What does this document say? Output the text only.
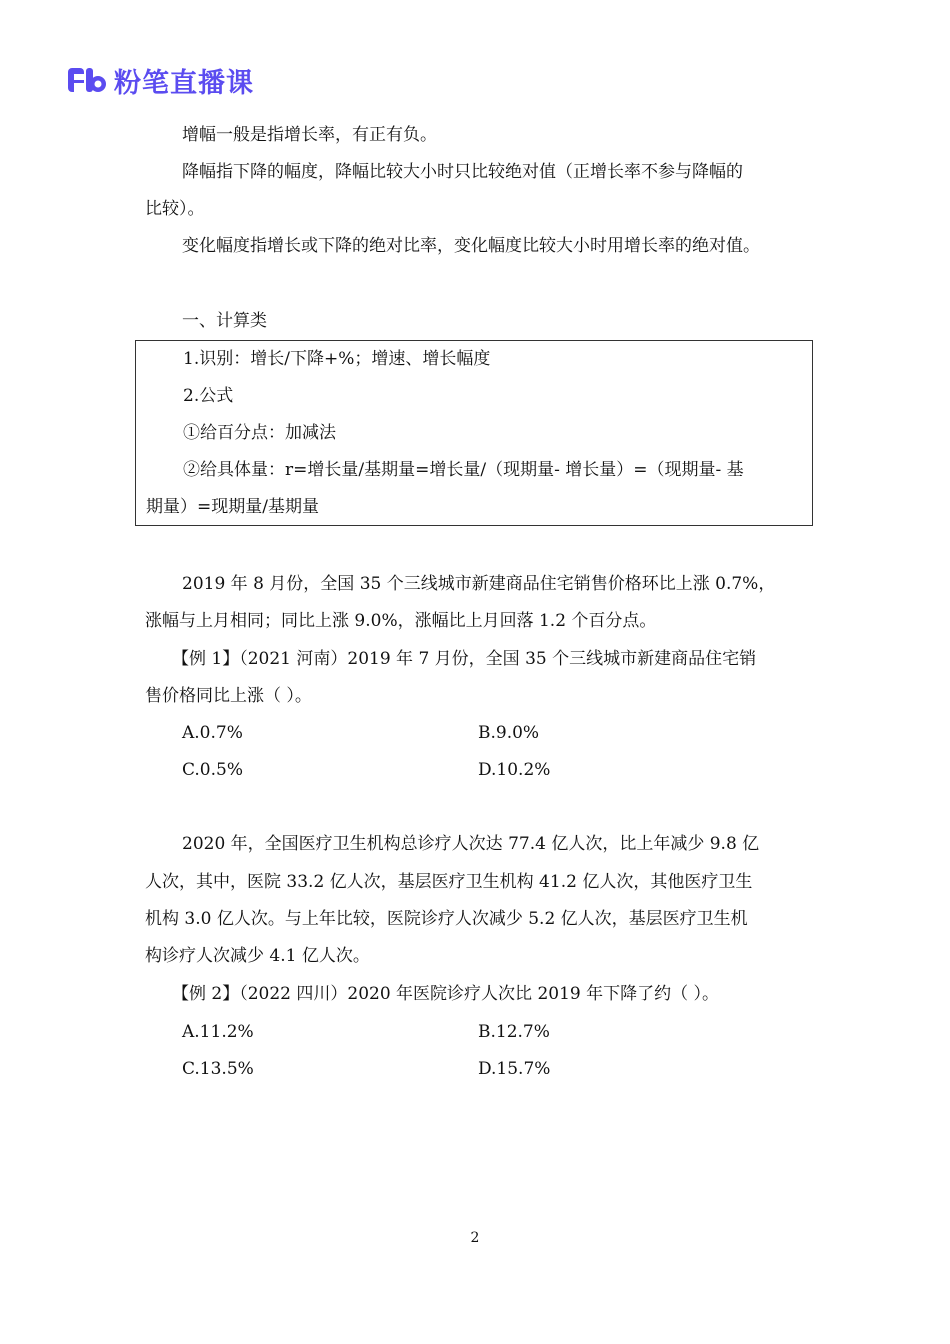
粉笔直播课
增幅一般是指增长率，有正有负。
降幅指下降的幅度，降幅比较大小时只比较绝对值（正增长率不参与降幅的
比较）。
变化幅度指增长或下降的绝对比率，变化幅度比较大小时用增长率的绝对值。
一、计算类
1.识别：增长/下降+%；增速、增长幅度
2.公式
①给百分点：加减法
②给具体量：r=增长量/基期量=增长量/（现期量- 增长量）=（现期量- 基
期量）=现期量/基期量
2019 年 8 月份，全国 35 个三线城市新建商品住宅销售价格环比上涨 0.7%，
涨幅与上月相同；同比上涨 9.0%，涨幅比上月回落 1.2 个百分点。
【例 1】（2021 河南）2019 年 7 月份，全国 35 个三线城市新建商品住宅销
售价格同比上涨（ ）。
A.0.7%	B.9.0%
C.0.5%	D.10.2%
2020 年，全国医疗卫生机构总诊疗人次达 77.4 亿人次，比上年减少 9.8 亿
人次，其中，医院 33.2 亿人次，基层医疗卫生机构 41.2 亿人次，其他医疗卫生
机构 3.0 亿人次。与上年比较，医院诊疗人次减少 5.2 亿人次，基层医疗卫生机
构诊疗人次减少 4.1 亿人次。
【例 2】（2022 四川）2020 年医院诊疗人次比 2019 年下降了约（ ）。
A.11.2%	B.12.7%
C.13.5%	D.15.7%
2
